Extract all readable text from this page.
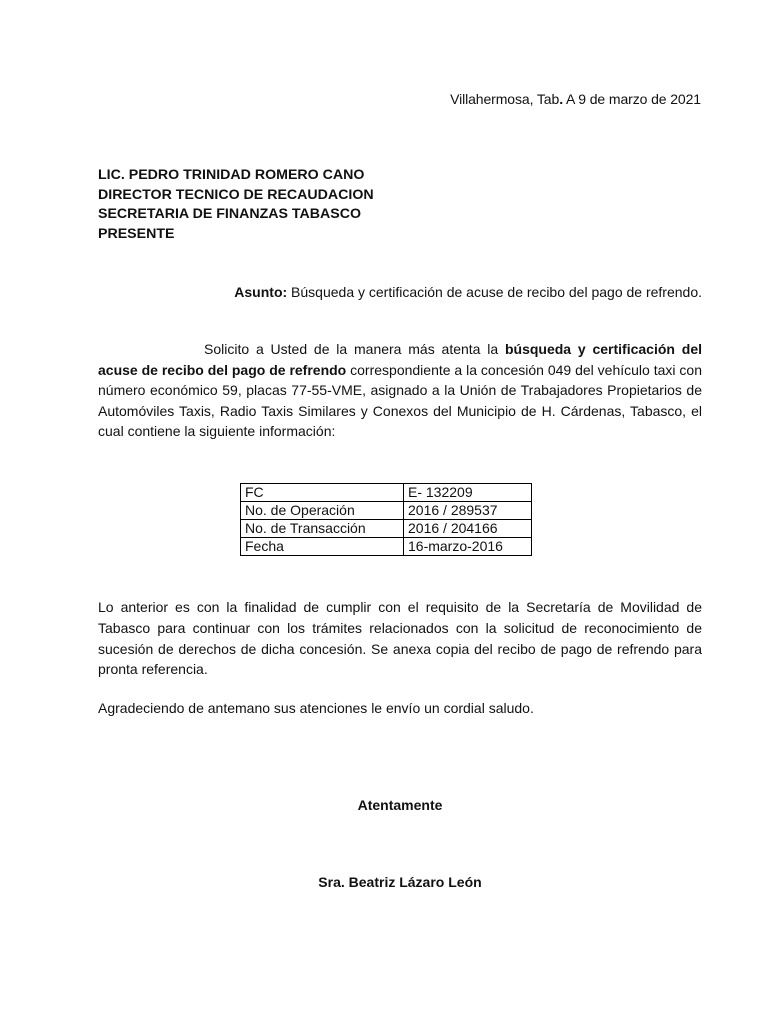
Villahermosa, Tab. A 9 de marzo de 2021
LIC. PEDRO TRINIDAD ROMERO CANO
DIRECTOR TECNICO DE RECAUDACION
SECRETARIA DE FINANZAS TABASCO
PRESENTE
Asunto: Búsqueda y certificación de acuse de recibo del pago de refrendo.
Solicito a Usted de la manera más atenta la búsqueda y certificación del acuse de recibo del pago de refrendo correspondiente a la concesión 049 del vehículo taxi con número económico 59, placas 77-55-VME, asignado a la Unión de Trabajadores Propietarios de Automóviles Taxis, Radio Taxis Similares y Conexos del Municipio de H. Cárdenas, Tabasco, el cual contiene la siguiente información:
FC	E- 132209
No. de Operación	2016 / 289537
No. de Transacción	2016 / 204166
Fecha	16-marzo-2016
Lo anterior es con la finalidad de cumplir con el requisito de la Secretaría de Movilidad de Tabasco para continuar con los trámites relacionados con la solicitud de reconocimiento de sucesión de derechos de dicha concesión. Se anexa copia del recibo de pago de refrendo para pronta referencia.
Agradeciendo de antemano sus atenciones le envío un cordial saludo.
Atentamente
Sra. Beatriz Lázaro León
